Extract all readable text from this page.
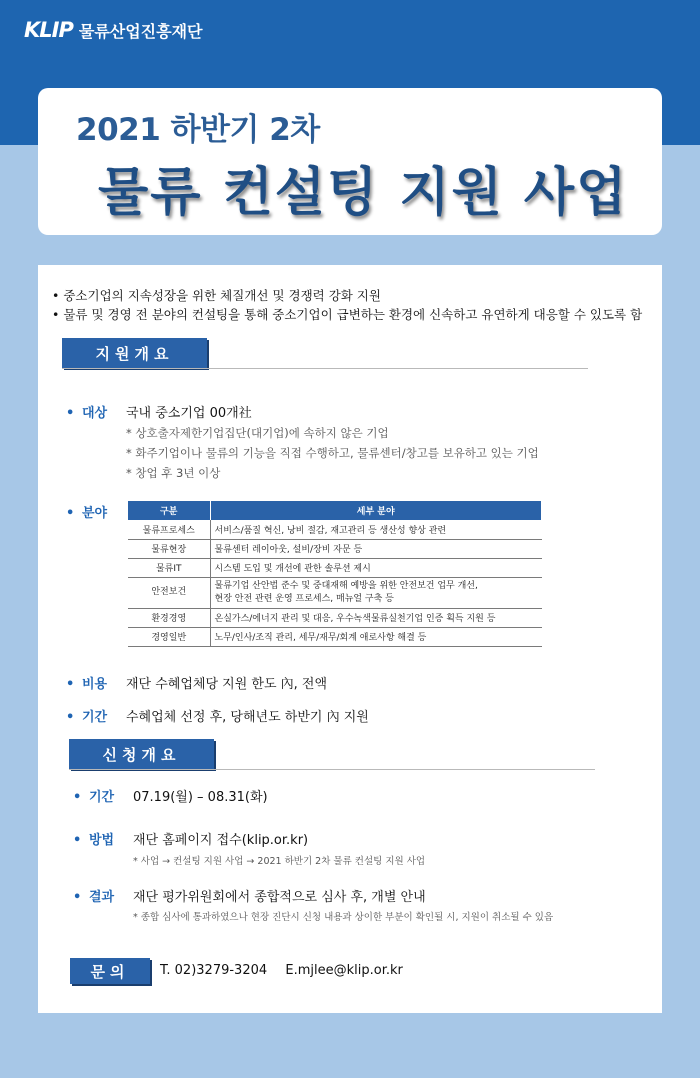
KLIP 물류산업진흥재단
2021 하반기 2차
물류 컨설팅 지원 사업
• 중소기업의 지속성장을 위한 체질개선 및 경쟁력 강화 지원
• 물류 및 경영 전 분야의 컨설팅을 통해 중소기업이 급변하는 환경에 신속하고 유연하게 대응할 수 있도록 함
지원개요
• 대상	국내 중소기업 00개社
* 상호출자제한기업집단(대기업)에 속하지 않은 기업
* 화주기업이나 물류의 기능을 직접 수행하고, 물류센터/창고를 보유하고 있는 기업
* 창업 후 3년 이상
• 분야	구분	세부 분야
물류프로세스	서비스/품질 혁신, 낭비 절감, 재고관리 등 생산성 향상 관련
물류현장	물류센터 레이아웃, 설비/장비 자문 등
물류IT	시스템 도입 및 개선에 관한 솔루션 제시
안전보건	물류기업 산안법 준수 및 중대재해 예방을 위한 안전보건 업무 개선,
현장 안전 관련 운영 프로세스, 매뉴얼 구축 등
환경경영	온실가스/에너지 관리 및 대응, 우수녹색물류실천기업 인증 획득 지원 등
경영일반	노무/인사/조직 관리, 세무/재무/회계 애로사항 해결 등
• 비용	재단 수혜업체당 지원 한도 內, 전액
• 기간	수혜업체 선정 후, 당해년도 하반기 內 지원
신청개요
• 기간	07.19(월) – 08.31(화)
• 방법	재단 홈페이지 접수(klip.or.kr)
* 사업 → 컨설팅 지원 사업 → 2021 하반기 2차 물류 컨설팅 지원 사업
• 결과	재단 평가위원회에서 종합적으로 심사 후, 개별 안내
* 종합 심사에 통과하였으나 현장 진단시 신청 내용과 상이한 부분이 확인될 시, 지원이 취소될 수 있음
문의	T. 02)3279-3204 E.mjlee@klip.or.kr
